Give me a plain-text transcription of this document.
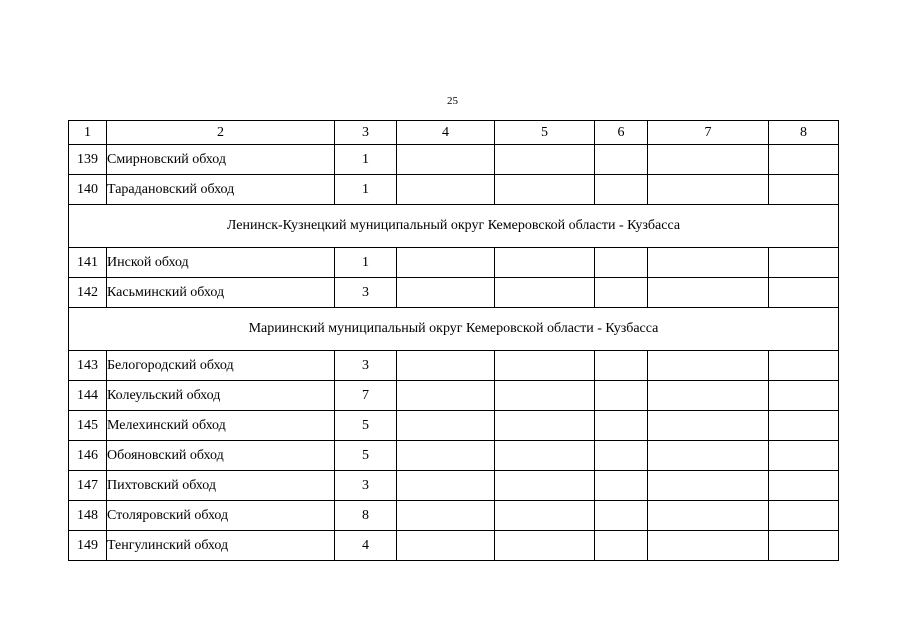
25
1	2	3	4	5	6	7	8
139	Смирновский обход	1					
140	Тарадановский обход	1					
Ленинск-Кузнецкий муниципальный округ Кемеровской области - Кузбасса							
141	Инской обход	1					
142	Касьминский обход	3					
Мариинский муниципальный округ Кемеровской области - Кузбасса							
143	Белогородский обход	3					
144	Колеульский обход	7					
145	Мелехинский обход	5					
146	Обояновский обход	5					
147	Пихтовский обход	3					
148	Столяровский обход	8					
149	Тенгулинский обход	4					
